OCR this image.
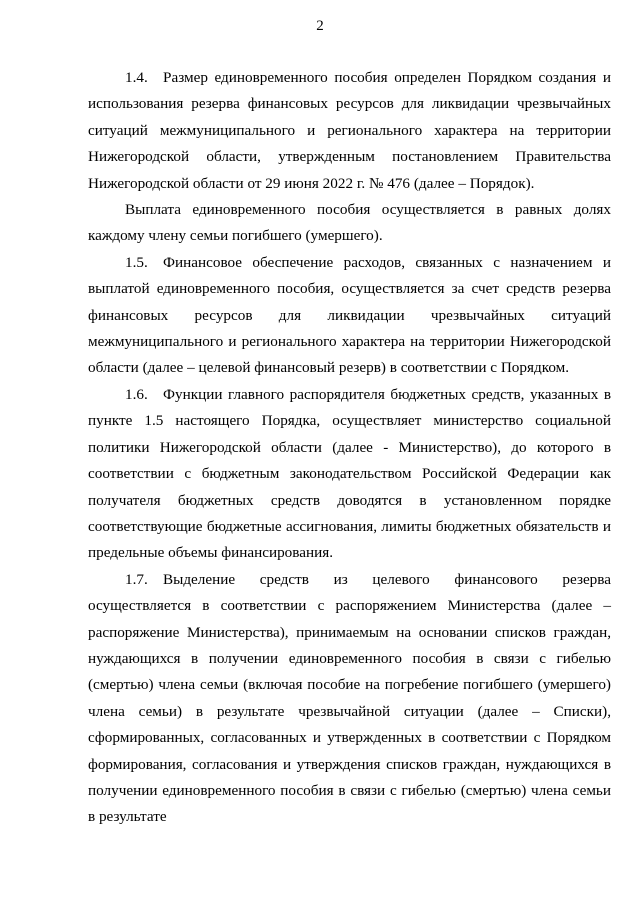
2

1.4. Размер единовременного пособия определен Порядком создания и использования резерва финансовых ресурсов для ликвидации чрезвычайных ситуаций межмуниципального и регионального характера на территории Нижегородской области, утвержденным постановлением Правительства Нижегородской области от 29 июня 2022 г. № 476 (далее – Порядок).

Выплата единовременного пособия осуществляется в равных долях каждому члену семьи погибшего (умершего).

1.5. Финансовое обеспечение расходов, связанных с назначением и выплатой единовременного пособия, осуществляется за счет средств резерва финансовых ресурсов для ликвидации чрезвычайных ситуаций межмуниципального и регионального характера на территории Нижегородской области (далее – целевой финансовый резерв) в соответствии с Порядком.

1.6. Функции главного распорядителя бюджетных средств, указанных в пункте 1.5 настоящего Порядка, осуществляет министерство социальной политики Нижегородской области (далее - Министерство), до которого в соответствии с бюджетным законодательством Российской Федерации как получателя бюджетных средств доводятся в установленном порядке соответствующие бюджетные ассигнования, лимиты бюджетных обязательств и предельные объемы финансирования.

1.7. Выделение средств из целевого финансового резерва осуществляется в соответствии с распоряжением Министерства (далее – распоряжение Министерства), принимаемым на основании списков граждан, нуждающихся в получении единовременного пособия в связи с гибелью (смертью) члена семьи (включая пособие на погребение погибшего (умершего) члена семьи) в результате чрезвычайной ситуации (далее – Списки), сформированных, согласованных и утвержденных в соответствии с Порядком формирования, согласования и утверждения списков граждан, нуждающихся в получении единовременного пособия в связи с гибелью (смертью) члена семьи в результате
